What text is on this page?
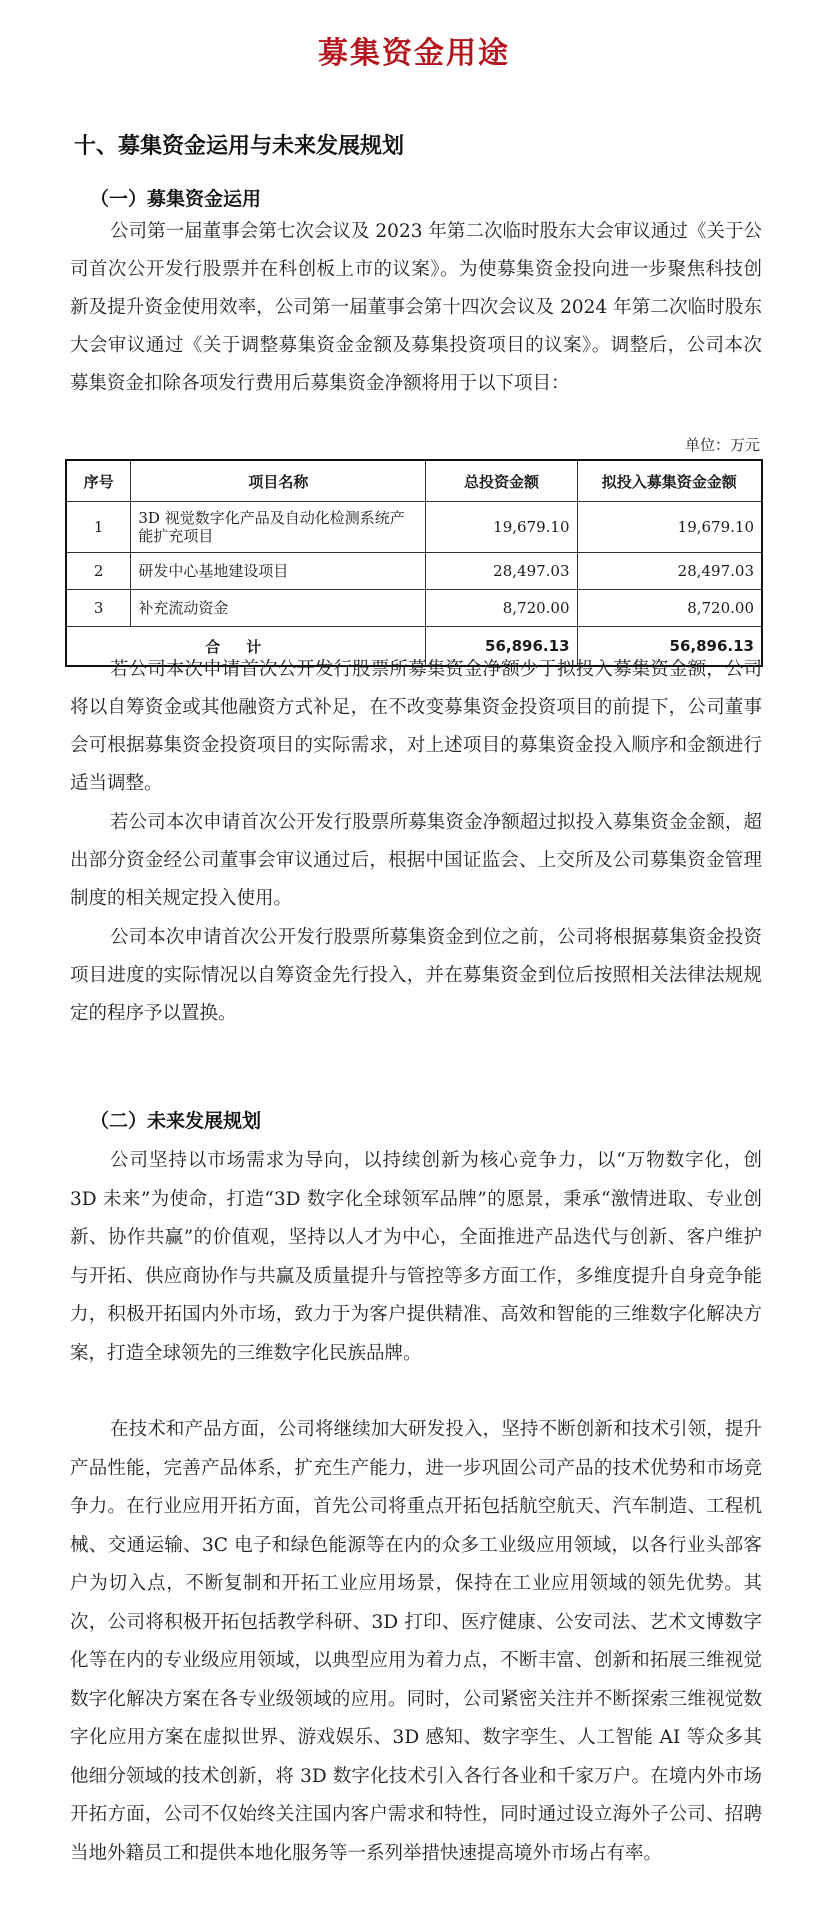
募集资金用途
十、募集资金运用与未来发展规划
（一）募集资金运用
公司第一届董事会第七次会议及 2023 年第二次临时股东大会审议通过《关于公司首次公开发行股票并在科创板上市的议案》。为使募集资金投向进一步聚焦科技创新及提升资金使用效率，公司第一届董事会第十四次会议及 2024 年第二次临时股东大会审议通过《关于调整募集资金金额及募集投资项目的议案》。调整后，公司本次募集资金扣除各项发行费用后募集资金净额将用于以下项目：
单位：万元
序号	项目名称	总投资金额	拟投入募集资金金额
1	3D 视觉数字化产品及自动化检测系统产能扩充项目	19,679.10	19,679.10
2	研发中心基地建设项目	28,497.03	28,497.03
3	补充流动资金	8,720.00	8,720.00
合计		56,896.13	56,896.13
若公司本次申请首次公开发行股票所募集资金净额少于拟投入募集资金额，公司将以自筹资金或其他融资方式补足，在不改变募集资金投资项目的前提下，公司董事会可根据募集资金投资项目的实际需求，对上述项目的募集资金投入顺序和金额进行适当调整。
若公司本次申请首次公开发行股票所募集资金净额超过拟投入募集资金金额，超出部分资金经公司董事会审议通过后，根据中国证监会、上交所及公司募集资金管理制度的相关规定投入使用。
公司本次申请首次公开发行股票所募集资金到位之前，公司将根据募集资金投资项目进度的实际情况以自筹资金先行投入，并在募集资金到位后按照相关法律法规规定的程序予以置换。
（二）未来发展规划
公司坚持以市场需求为导向，以持续创新为核心竞争力，以“万物数字化，创 3D 未来”为使命，打造“3D 数字化全球领军品牌”的愿景，秉承“激情进取、专业创新、协作共赢”的价值观，坚持以人才为中心，全面推进产品迭代与创新、客户维护与开拓、供应商协作与共赢及质量提升与管控等多方面工作，多维度提升自身竞争能力，积极开拓国内外市场，致力于为客户提供精准、高效和智能的三维数字化解决方案，打造全球领先的三维数字化民族品牌。
在技术和产品方面，公司将继续加大研发投入，坚持不断创新和技术引领，提升产品性能，完善产品体系，扩充生产能力，进一步巩固公司产品的技术优势和市场竞争力。在行业应用开拓方面，首先公司将重点开拓包括航空航天、汽车制造、工程机械、交通运输、3C 电子和绿色能源等在内的众多工业级应用领域，以各行业头部客户为切入点，不断复制和开拓工业应用场景，保持在工业应用领域的领先优势。其次，公司将积极开拓包括教学科研、3D 打印、医疗健康、公安司法、艺术文博数字化等在内的专业级应用领域，以典型应用为着力点，不断丰富、创新和拓展三维视觉数字化解决方案在各专业级领域的应用。同时，公司紧密关注并不断探索三维视觉数字化应用方案在虚拟世界、游戏娱乐、3D 感知、数字孪生、人工智能 AI 等众多其他细分领域的技术创新，将 3D 数字化技术引入各行各业和千家万户。在境内外市场开拓方面，公司不仅始终关注国内客户需求和特性，同时通过设立海外子公司、招聘当地外籍员工和提供本地化服务等一系列举措快速提高境外市场占有率。
